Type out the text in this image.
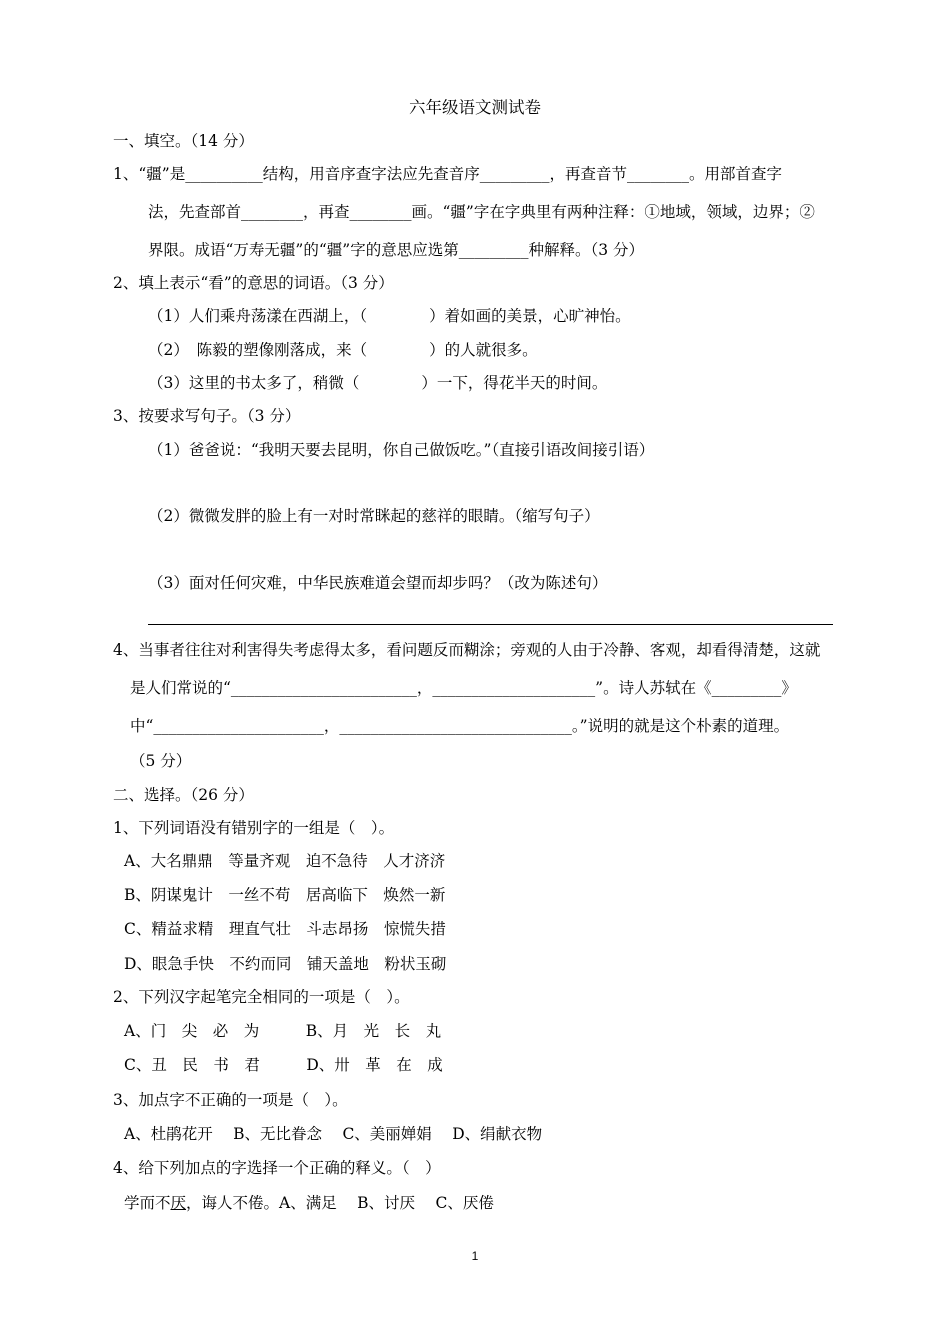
六年级语文测试卷
一、填空。（14 分）
1、“疆”是__________结构，用音序查字法应先查音序_________，再查音节________。用部首查字
法，先查部首________，再查________画。“疆”字在字典里有两种注释：①地域，领域，边界；②
界限。成语“万寿无疆”的“疆”字的意思应选第_________种解释。（3 分）
2、填上表示“看”的意思的词语。（3 分）
（1）人们乘舟荡漾在西湖上，（　　　　）着如画的美景，心旷神怡。
（2）　陈毅的塑像刚落成，来（　　　　）的人就很多。
（3）这里的书太多了，稍微（　　　　）一下，得花半天的时间。
3、按要求写句子。（3 分）
（1）爸爸说：“我明天要去昆明，你自己做饭吃。”（直接引语改间接引语）
（2）微微发胖的脸上有一对时常眯起的慈祥的眼睛。（缩写句子）
（3）面对任何灾难，中华民族难道会望而却步吗？（改为陈述句）
4、当事者往往对利害得失考虑得太多，看问题反而糊涂；旁观的人由于冷静、客观，却看得清楚，这就
是人们常说的“________________________，_____________________”。诗人苏轼在《_________》
中“______________________，______________________________。”说明的就是这个朴素的道理。
（5 分）
二、选择。（26 分）
1、下列词语没有错别字的一组是（　）。
A、大名鼎鼎　等量齐观　迫不急待　人才济济
B、阴谋鬼计　一丝不苟　居高临下　焕然一新
C、精益求精　理直气壮　斗志昂扬　惊慌失措
D、眼急手快　不约而同　铺天盖地　粉状玉砌
2、下列汉字起笔完全相同的一项是（　）。
A、门　尖　必　为　　　B、月　光　长　丸
C、丑　民　书　君　　　D、卅　革　在　成
3、加点字不正确的一项是（　）。
A、杜鹃花开　 B、无比眷念　 C、美丽婵娟　 D、绢献衣物
4、给下列加点的字选择一个正确的释义。（　）
学而不厌，诲人不倦。A、满足　 B、讨厌　 C、厌倦
1
